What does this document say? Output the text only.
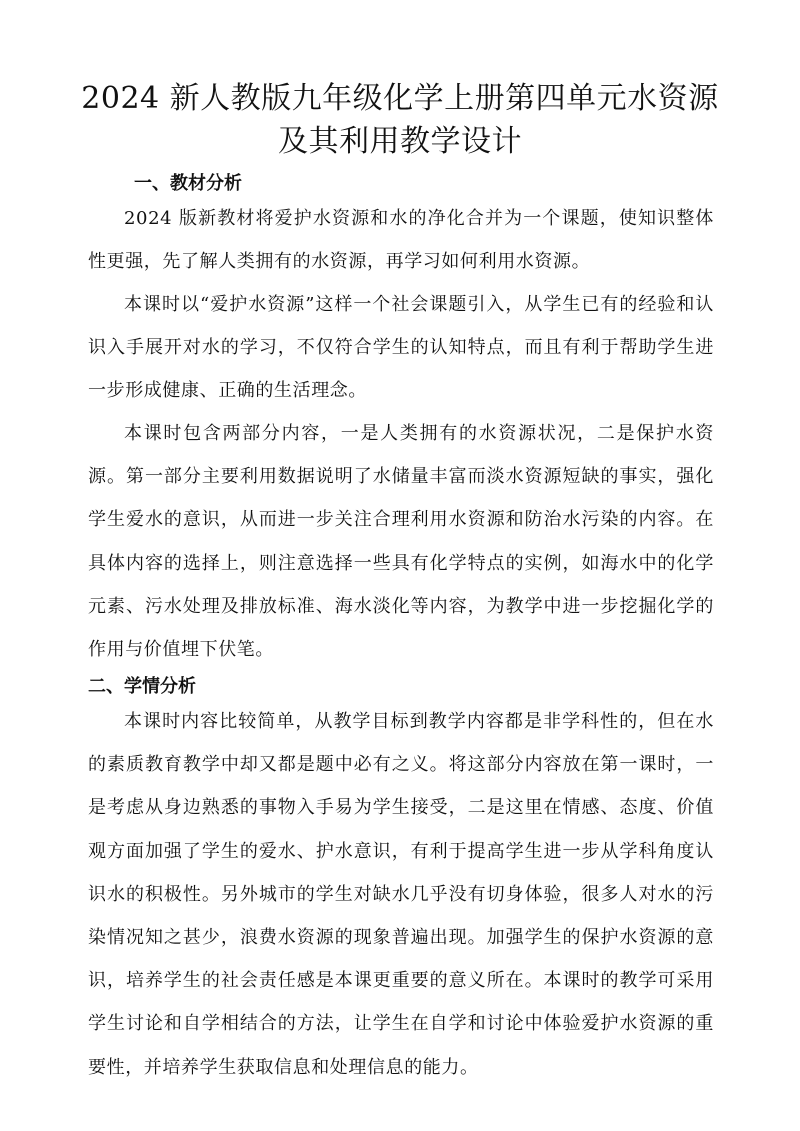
2024 新人教版九年级化学上册第四单元水资源
及其利用教学设计
一、教材分析

2024 版新教材将爱护水资源和水的净化合并为一个课题，使知识整体性更强，先了解人类拥有的水资源，再学习如何利用水资源。

本课时以“爱护水资源”这样一个社会课题引入，从学生已有的经验和认识入手展开对水的学习，不仅符合学生的认知特点，而且有利于帮助学生进一步形成健康、正确的生活理念。

本课时包含两部分内容，一是人类拥有的水资源状况，二是保护水资源。第一部分主要利用数据说明了水储量丰富而淡水资源短缺的事实，强化学生爱水的意识，从而进一步关注合理利用水资源和防治水污染的内容。在具体内容的选择上，则注意选择一些具有化学特点的实例，如海水中的化学元素、污水处理及排放标准、海水淡化等内容，为教学中进一步挖掘化学的作用与价值埋下伏笔。

二、学情分析

本课时内容比较简单，从教学目标到教学内容都是非学科性的，但在水的素质教育教学中却又都是题中必有之义。将这部分内容放在第一课时，一是考虑从身边熟悉的事物入手易为学生接受，二是这里在情感、态度、价值观方面加强了学生的爱水、护水意识，有利于提高学生进一步从学科角度认识水的积极性。另外城市的学生对缺水几乎没有切身体验，很多人对水的污染情况知之甚少，浪费水资源的现象普遍出现。加强学生的保护水资源的意识，培养学生的社会责任感是本课更重要的意义所在。本课时的教学可采用学生讨论和自学相结合的方法，让学生在自学和讨论中体验爱护水资源的重要性，并培养学生获取信息和处理信息的能力。
